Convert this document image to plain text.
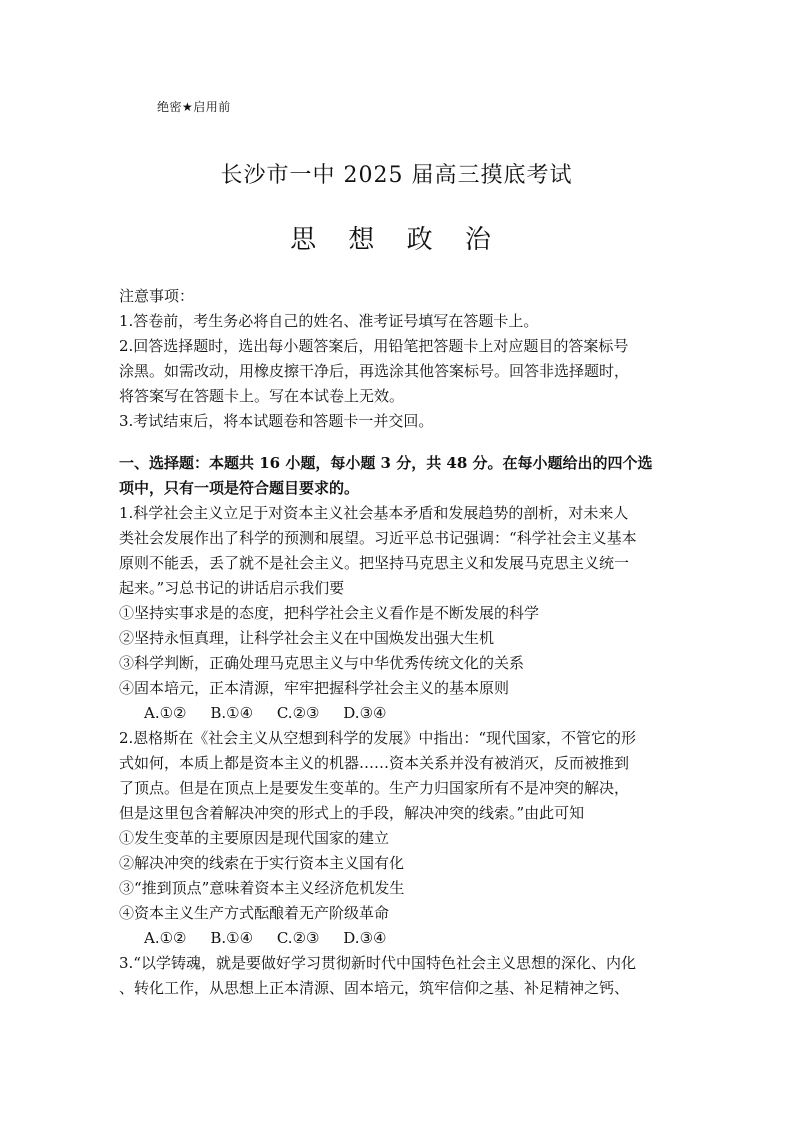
绝密★启用前
长沙市一中 2025 届高三摸底考试
思 想 政 治
注意事项：
1.答卷前，考生务必将自己的姓名、准考证号填写在答题卡上。
2.回答选择题时，选出每小题答案后，用铅笔把答题卡上对应题目的答案标号
涂黑。如需改动，用橡皮擦干净后，再选涂其他答案标号。回答非选择题时，
将答案写在答题卡上。写在本试卷上无效。
3.考试结束后，将本试题卷和答题卡一并交回。
一、选择题：本题共 16 小题，每小题 3 分，共 48 分。在每小题给出的四个选
项中，只有一项是符合题目要求的。
1.科学社会主义立足于对资本主义社会基本矛盾和发展趋势的剖析，对未来人
类社会发展作出了科学的预测和展望。习近平总书记强调：“科学社会主义基本
原则不能丢，丢了就不是社会主义。把坚持马克思主义和发展马克思主义统一
起来。”习总书记的讲话启示我们要
①坚持实事求是的态度，把科学社会主义看作是不断发展的科学
②坚持永恒真理，让科学社会主义在中国焕发出强大生机
③科学判断，正确处理马克思主义与中华优秀传统文化的关系
④固本培元，正本清源，牢牢把握科学社会主义的基本原则
A.①②     B.①④     C.②③     D.③④
2.恩格斯在《社会主义从空想到科学的发展》中指出：“现代国家，不管它的形
式如何，本质上都是资本主义的机器……资本关系并没有被消灭，反而被推到
了顶点。但是在顶点上是要发生变革的。生产力归国家所有不是冲突的解决，
但是这里包含着解决冲突的形式上的手段，解决冲突的线索。”由此可知
①发生变革的主要原因是现代国家的建立
②解决冲突的线索在于实行资本主义国有化
③“推到顶点”意味着资本主义经济危机发生
④资本主义生产方式酝酿着无产阶级革命
A.①②     B.①④     C.②③     D.③④
3.“以学铸魂，就是要做好学习贯彻新时代中国特色社会主义思想的深化、内化
、转化工作，从思想上正本清源、固本培元，筑牢信仰之基、补足精神之钙、
